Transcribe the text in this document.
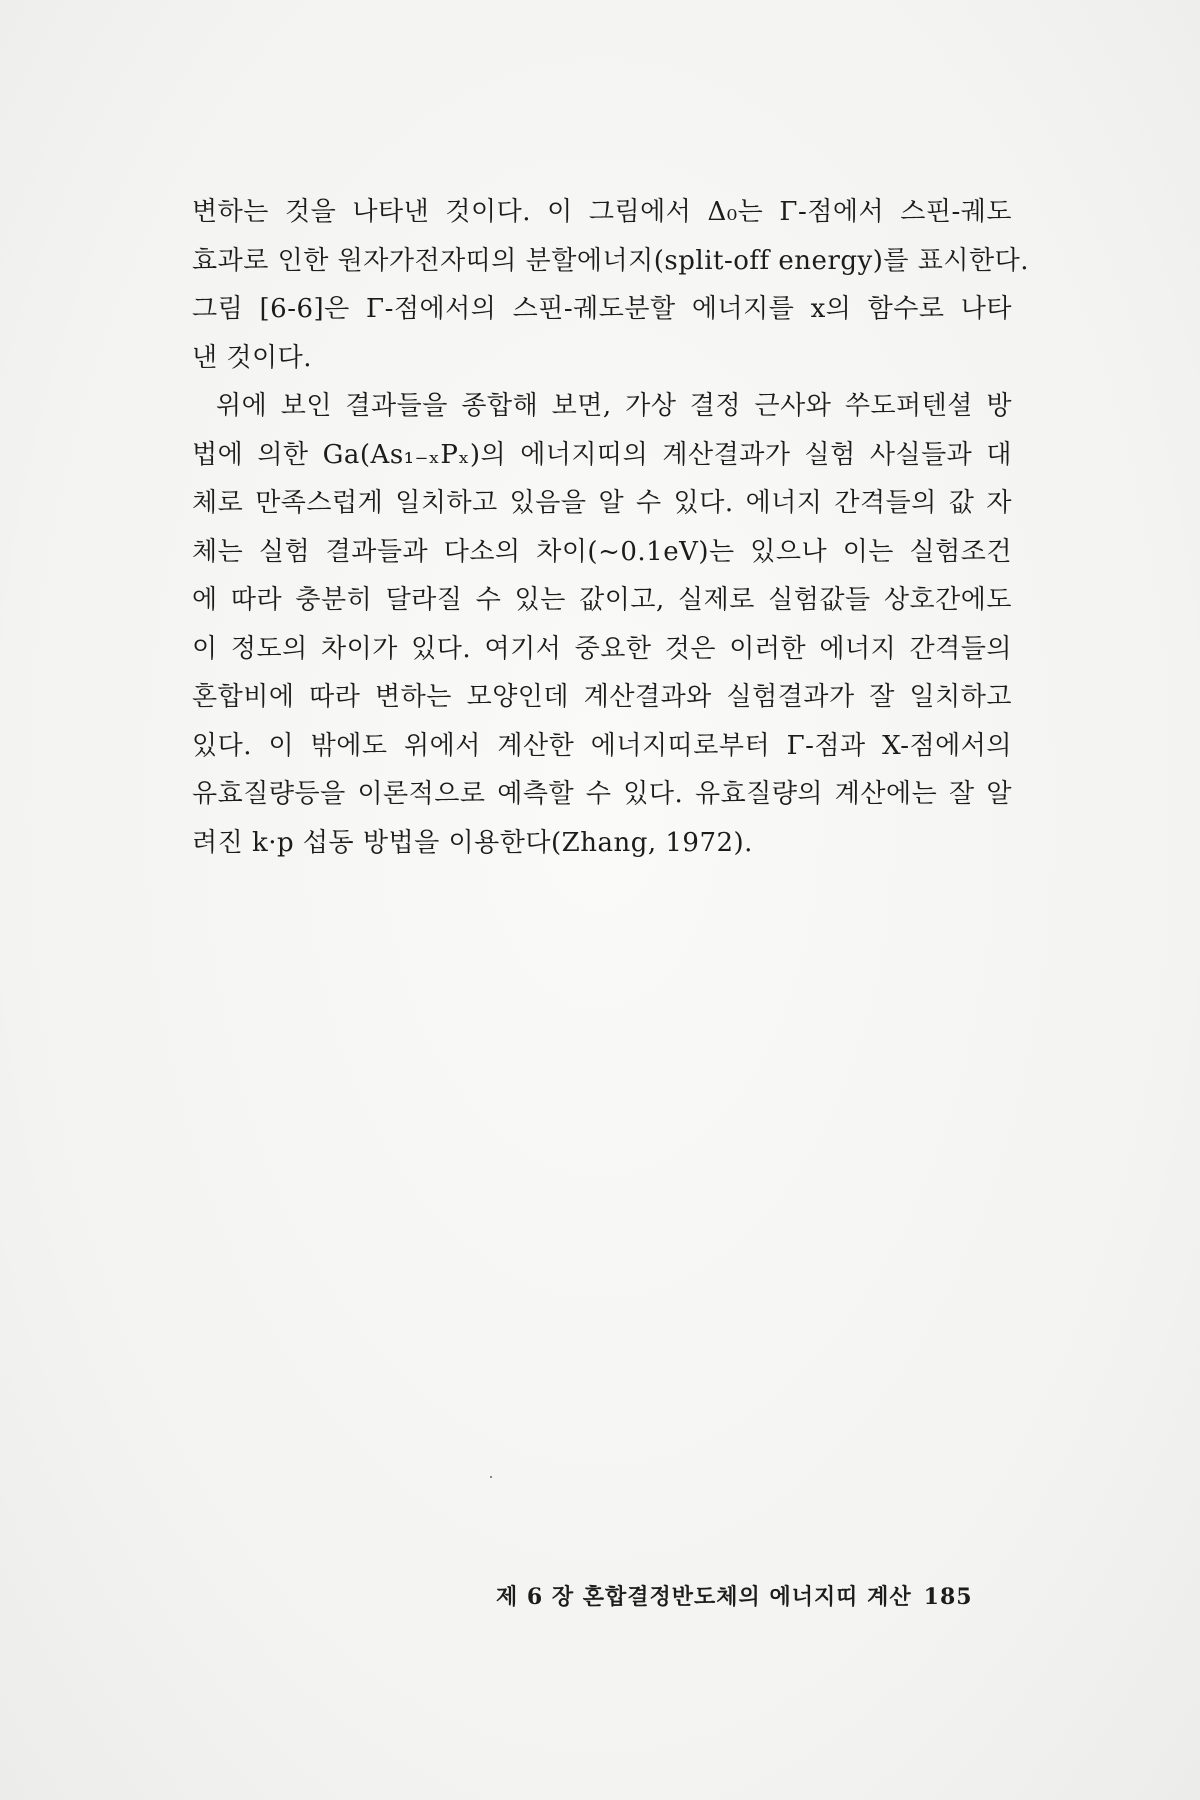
변하는 것을 나타낸 것이다. 이 그림에서 Δ₀는 Γ-점에서 스핀-궤도
효과로 인한 원자가전자띠의 분할에너지(split-off energy)를 표시한다.
그림 [6-6]은 Γ-점에서의 스핀-궤도분할 에너지를 x의 함수로 나타
낸 것이다.
위에 보인 결과들을 종합해 보면, 가상 결정 근사와 쑤도퍼텐셜 방
법에 의한 Ga(As₁₋ₓPₓ)의 에너지띠의 계산결과가 실험 사실들과 대
체로 만족스럽게 일치하고 있음을 알 수 있다. 에너지 간격들의 값 자
체는 실험 결과들과 다소의 차이(~0.1eV)는 있으나 이는 실험조건
에 따라 충분히 달라질 수 있는 값이고, 실제로 실험값들 상호간에도
이 정도의 차이가 있다. 여기서 중요한 것은 이러한 에너지 간격들의
혼합비에 따라 변하는 모양인데 계산결과와 실험결과가 잘 일치하고
있다. 이 밖에도 위에서 계산한 에너지띠로부터 Γ-점과 X-점에서의
유효질량등을 이론적으로 예측할 수 있다. 유효질량의 계산에는 잘 알
려진 k·p 섭동 방법을 이용한다(Zhang, 1972).
제 6 장 혼합결정반도체의 에너지띠 계산 185
